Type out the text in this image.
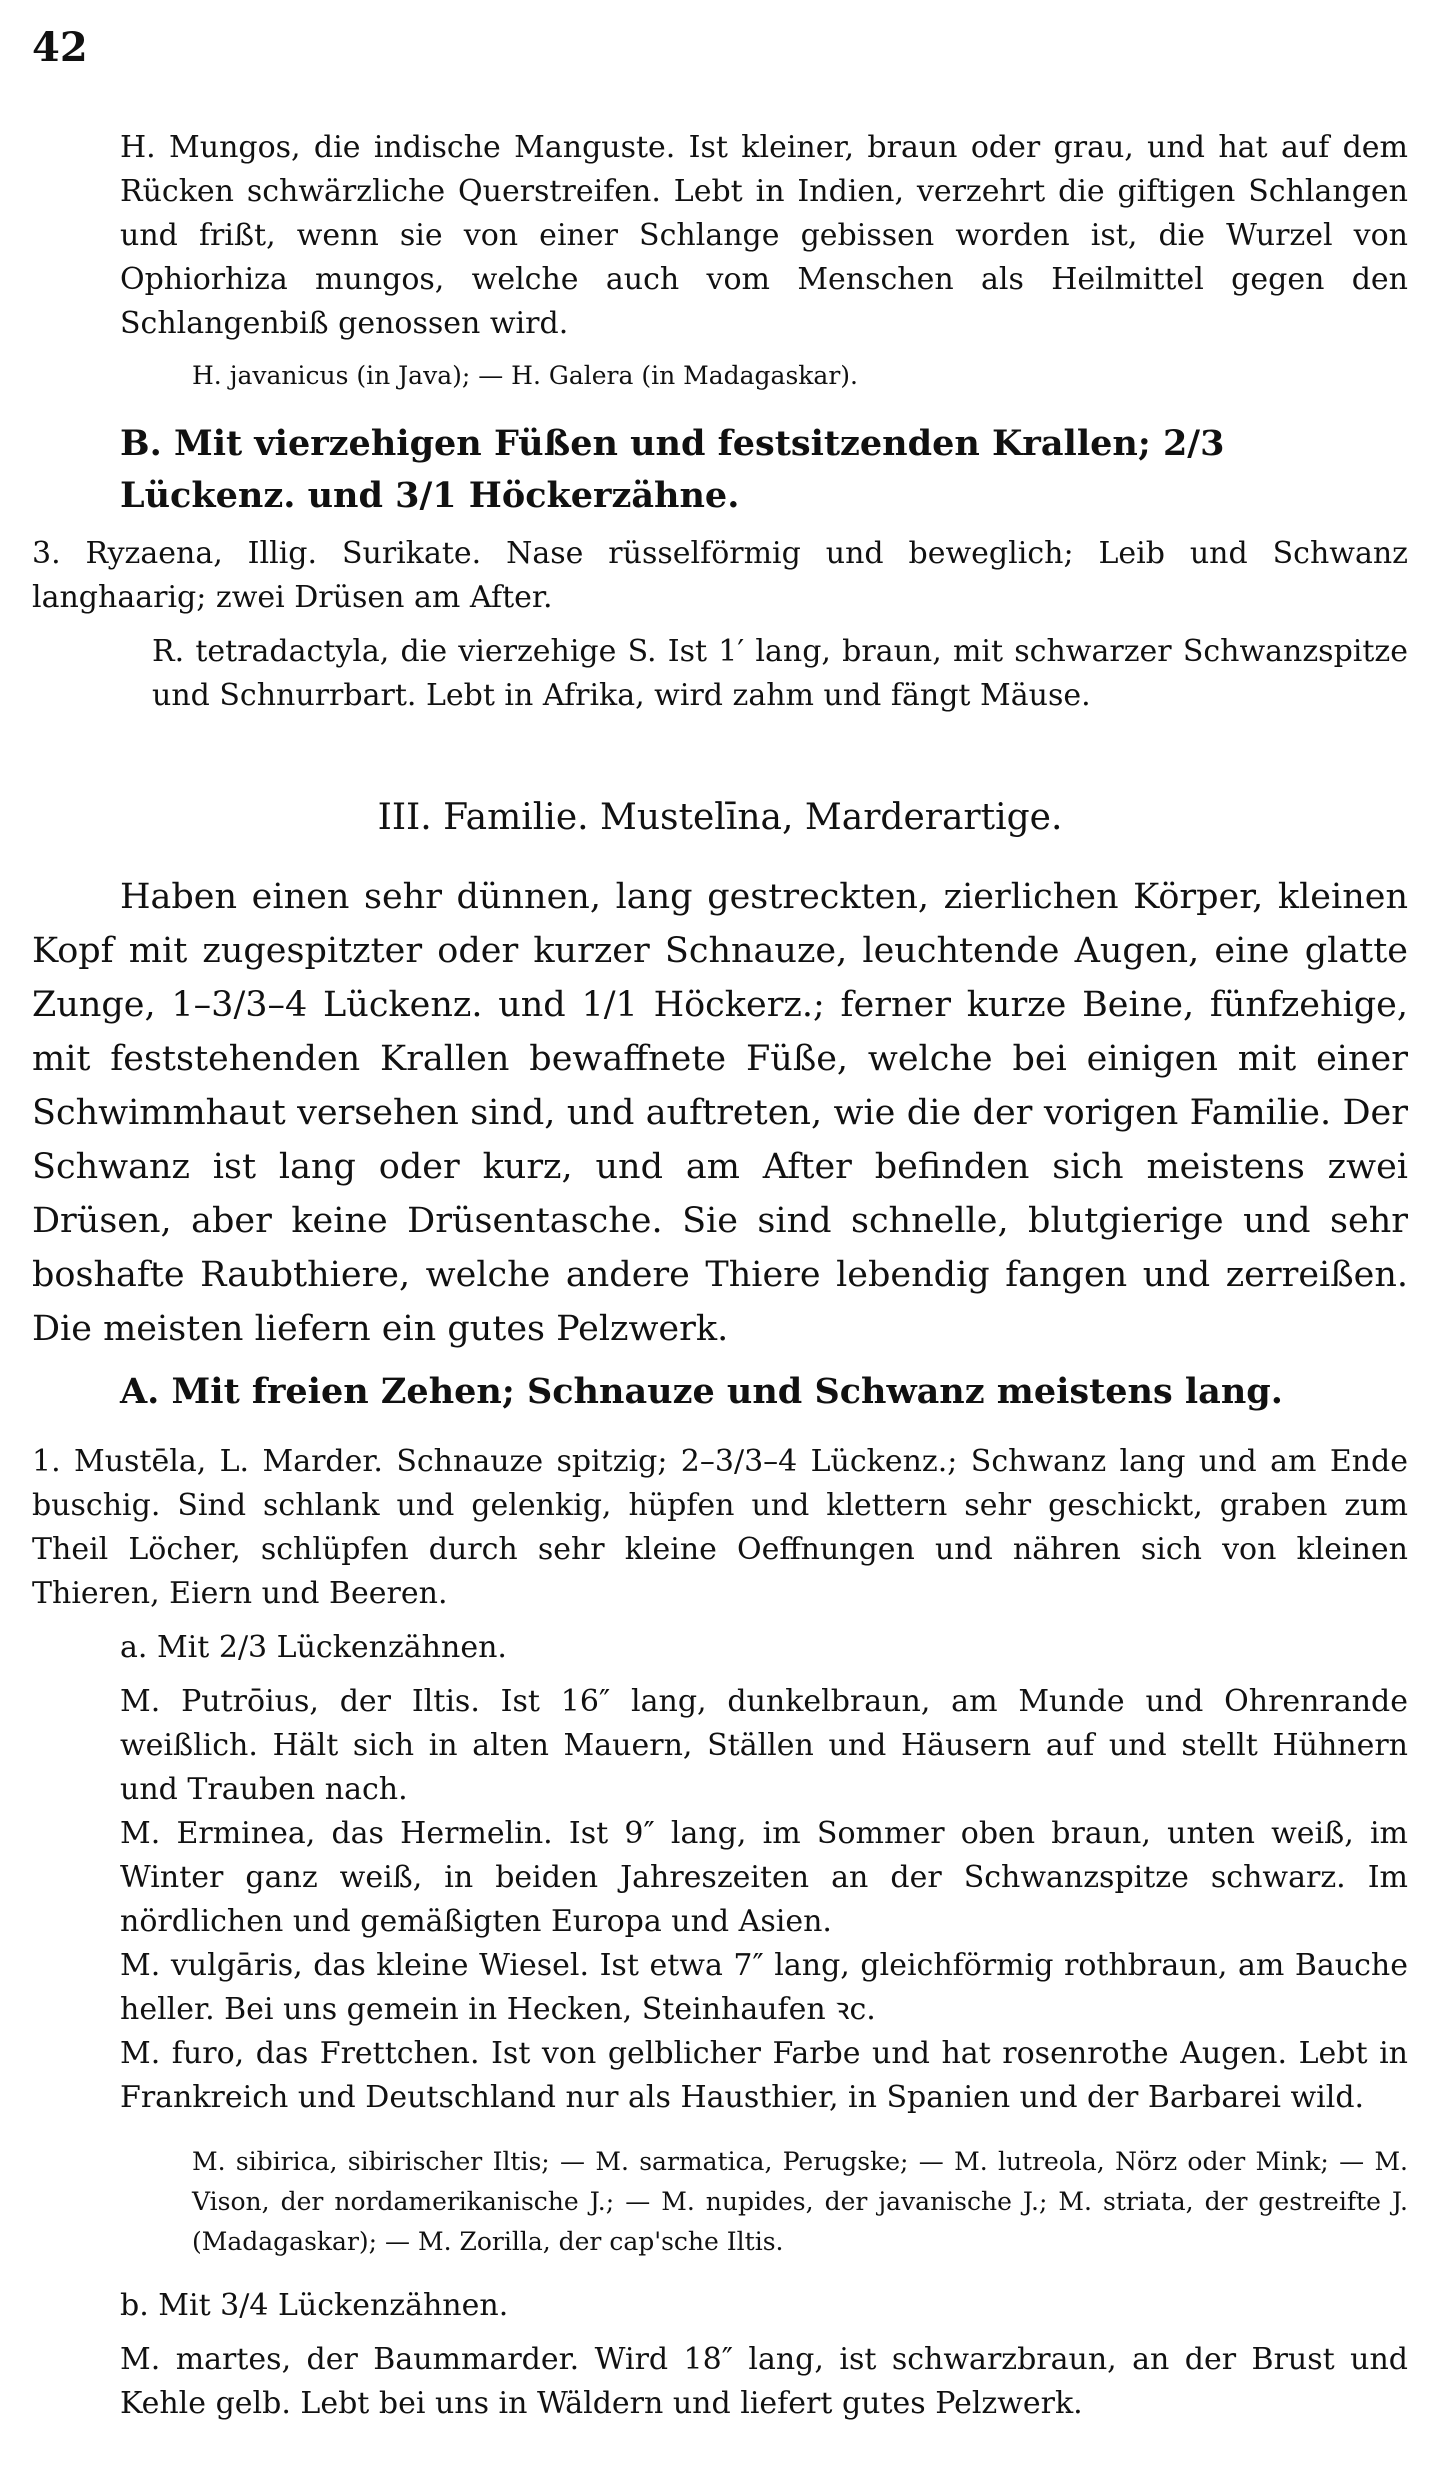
42

H. Mungos, die indische Manguste. Ist kleiner, braun oder grau, und hat auf dem Rücken schwärzliche Querstreifen. Lebt in Indien, verzehrt die giftigen Schlangen und frißt, wenn sie von einer Schlange gebissen worden ist, die Wurzel von Ophiorhiza mungos, welche auch vom Menschen als Heilmittel gegen den Schlangenbiß genossen wird.

H. javanicus (in Java); — H. Galera (in Madagaskar).

B. Mit vierzehigen Füßen und festsitzenden Krallen; 2/3 Lückenz. und 3/1 Höckerzähne.

3. Ryzaena, Illig. Surikate. Nase rüsselförmig und beweglich; Leib und Schwanz langhaarig; zwei Drüsen am After.

R. tetradactyla, die vierzehige S. Ist 1′ lang, braun, mit schwarzer Schwanzspitze und Schnurrbart. Lebt in Afrika, wird zahm und fängt Mäuse.

III. Familie. Mustelīna, Marderartige.

Haben einen sehr dünnen, lang gestreckten, zierlichen Körper, kleinen Kopf mit zugespitzter oder kurzer Schnauze, leuchtende Augen, eine glatte Zunge, 1–3/3–4 Lückenz. und 1/1 Höckerz.; ferner kurze Beine, fünfzehige, mit feststehenden Krallen bewaffnete Füße, welche bei einigen mit einer Schwimmhaut versehen sind, und auftreten, wie die der vorigen Familie. Der Schwanz ist lang oder kurz, und am After befinden sich meistens zwei Drüsen, aber keine Drüsentasche. Sie sind schnelle, blutgierige und sehr boshafte Raubthiere, welche andere Thiere lebendig fangen und zerreißen. Die meisten liefern ein gutes Pelzwerk.

A. Mit freien Zehen; Schnauze und Schwanz meistens lang.

1. Mustēla, L. Marder. Schnauze spitzig; 2–3/3–4 Lückenz.; Schwanz lang und am Ende buschig. Sind schlank und gelenkig, hüpfen und klettern sehr geschickt, graben zum Theil Löcher, schlüpfen durch sehr kleine Oeffnungen und nähren sich von kleinen Thieren, Eiern und Beeren.

a. Mit 2/3 Lückenzähnen.

M. Putrōius, der Iltis. Ist 16″ lang, dunkelbraun, am Munde und Ohrenrande weißlich. Hält sich in alten Mauern, Ställen und Häusern auf und stellt Hühnern und Trauben nach.

M. Erminea, das Hermelin. Ist 9″ lang, im Sommer oben braun, unten weiß, im Winter ganz weiß, in beiden Jahreszeiten an der Schwanzspitze schwarz. Im nördlichen und gemäßigten Europa und Asien.

M. vulgāris, das kleine Wiesel. Ist etwa 7″ lang, gleichförmig rothbraun, am Bauche heller. Bei uns gemein in Hecken, Steinhaufen ꝛc.

M. furo, das Frettchen. Ist von gelblicher Farbe und hat rosenrothe Augen. Lebt in Frankreich und Deutschland nur als Hausthier, in Spanien und der Barbarei wild.

M. sibirica, sibirischer Iltis; — M. sarmatica, Perugske; — M. lutreola, Nörz oder Mink; — M. Vison, der nordamerikanische J.; — M. nupides, der javanische J.; M. striata, der gestreifte J. (Madagaskar); — M. Zorilla, der cap'sche Iltis.

b. Mit 3/4 Lückenzähnen.

M. martes, der Baummarder. Wird 18″ lang, ist schwarzbraun, an der Brust und Kehle gelb. Lebt bei uns in Wäldern und liefert gutes Pelzwerk.
